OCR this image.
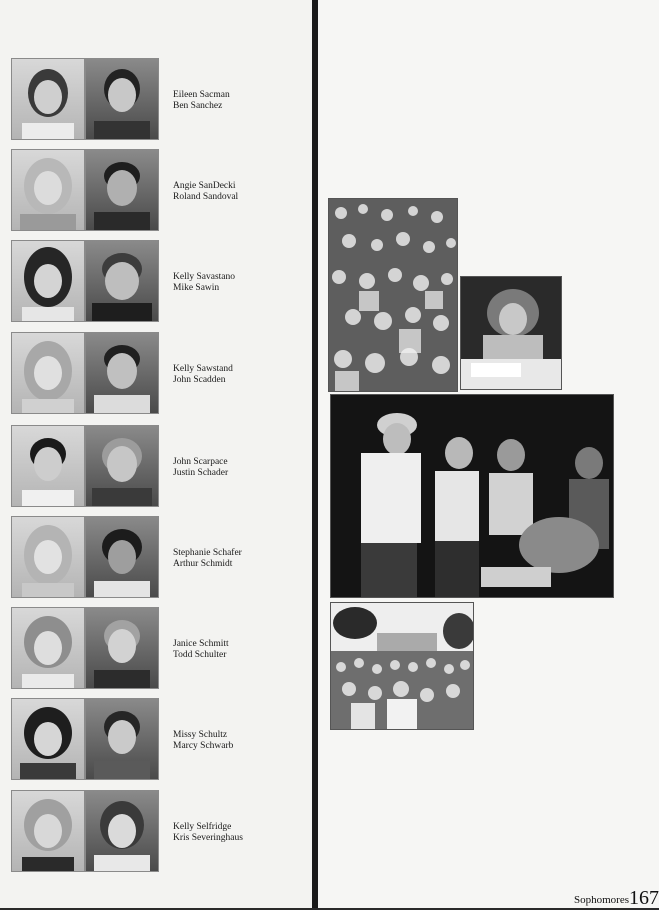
Eileen Sacman
Ben Sanchez
Angie SanDecki
Roland Sandoval
Kelly Savastano
Mike Sawin
Kelly Sawstand
John Scadden
John Scarpace
Justin Schader
Stephanie Schafer
Arthur Schmidt
Janice Schmitt
Todd Schulter
Missy Schultz
Marcy Schwarb
Kelly Selfridge
Kris Severinghaus

Sophomores 167
